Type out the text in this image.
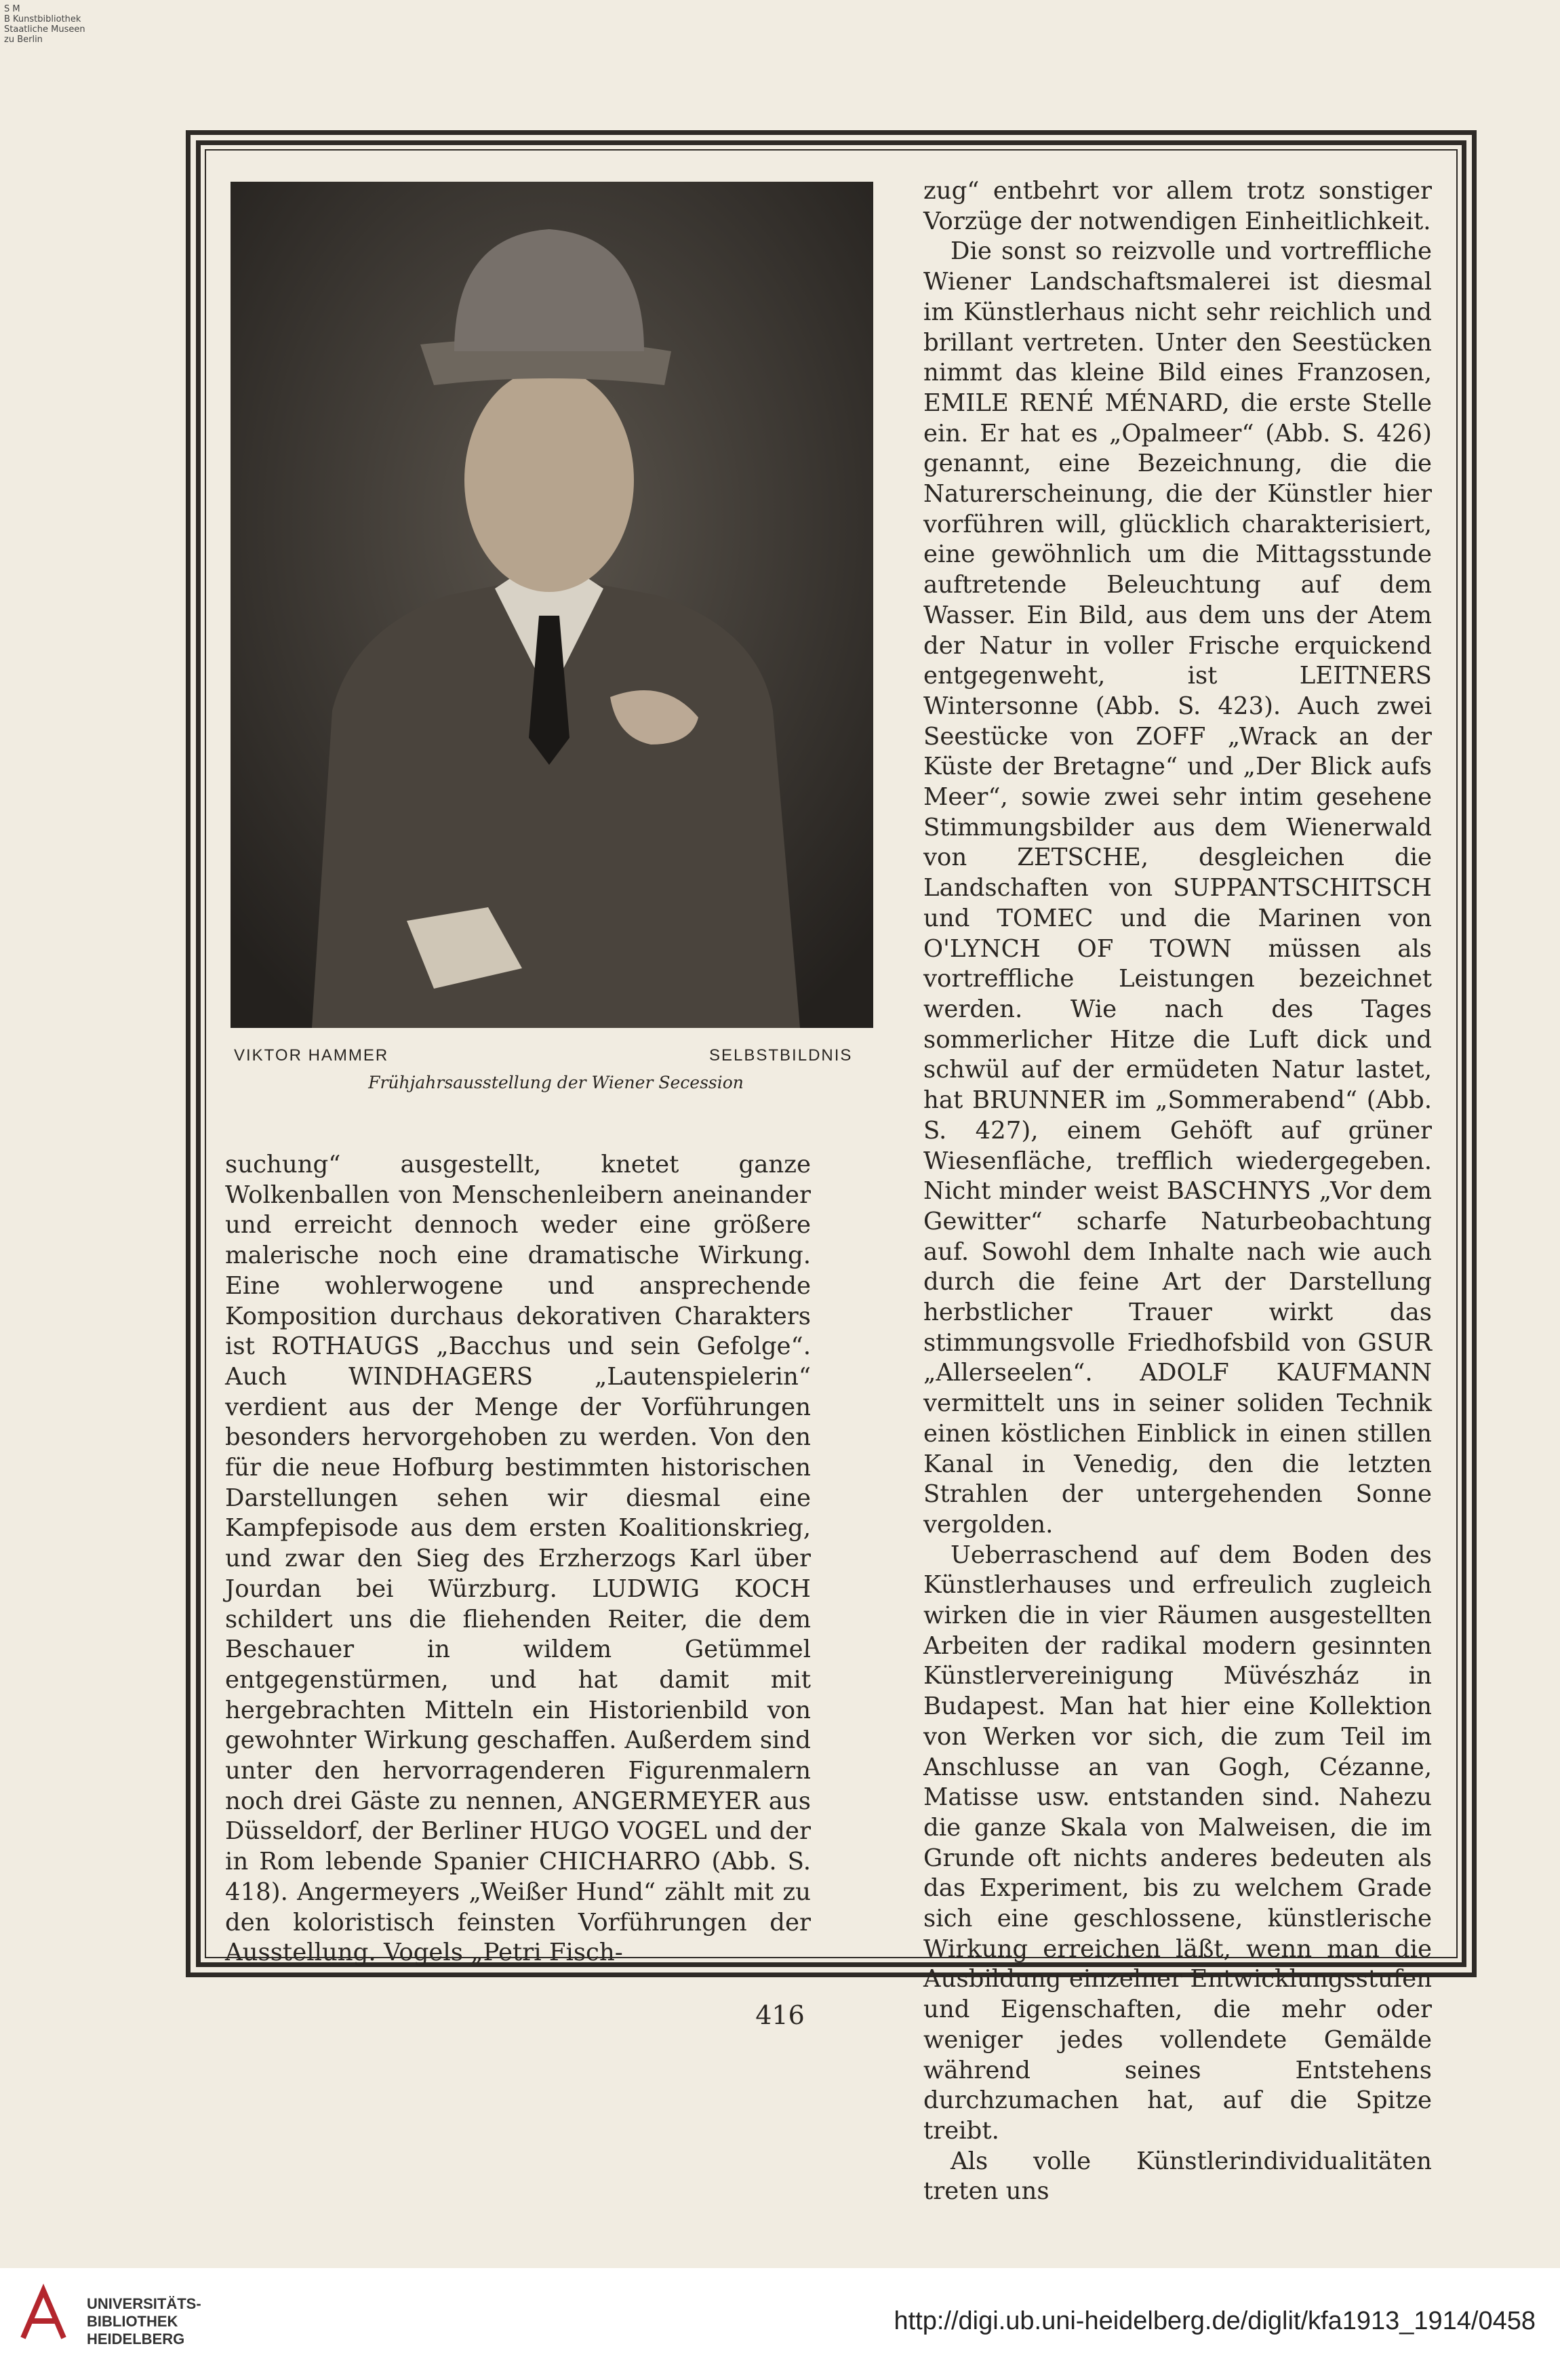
S M
B Kunstbibliothek
Staatliche Museen
zu Berlin
VIKTOR HAMMER	SELBSTBILDNIS
Frühjahrsausstellung der Wiener Secession

zug“ entbehrt vor allem trotz sonstiger Vorzüge der notwendigen Einheitlichkeit.

Die sonst so reizvolle und vortreffliche Wiener Landschaftsmalerei ist diesmal im Künstlerhaus nicht sehr reichlich und brillant vertreten. Unter den Seestücken nimmt das kleine Bild eines Franzosen, EMILE RENÉ MÉNARD, die erste Stelle ein. Er hat es „Opalmeer“ (Abb. S. 426) genannt, eine Bezeichnung, die die Naturerscheinung, die der Künstler hier vorführen will, glücklich charakterisiert, eine gewöhnlich um die Mittagsstunde auftretende Beleuchtung auf dem Wasser. Ein Bild, aus dem uns der Atem der Natur in voller Frische erquickend entgegenweht, ist LEITNERS Wintersonne (Abb. S. 423). Auch zwei Seestücke von ZOFF „Wrack an der Küste der Bretagne“ und „Der Blick aufs Meer“, sowie zwei sehr intim gesehene Stimmungsbilder aus dem Wienerwald von ZETSCHE, desgleichen die Landschaften von SUPPANTSCHITSCH und TOMEC und die Marinen von O'LYNCH OF TOWN müssen als vortreffliche Leistungen bezeichnet werden. Wie nach des Tages sommerlicher Hitze die Luft dick und schwül auf der ermüdeten Natur lastet, hat BRUNNER im „Sommerabend“ (Abb. S. 427), einem Gehöft auf grüner Wiesenfläche, trefflich wiedergegeben. Nicht minder weist BASCHNYS „Vor dem Gewitter“ scharfe Naturbeobachtung auf. Sowohl dem Inhalte nach wie auch durch die feine Art der Darstellung herbstlicher Trauer wirkt das stimmungsvolle Friedhofsbild von GSUR „Allerseelen“. ADOLF KAUFMANN vermittelt uns in seiner soliden Technik einen köstlichen Einblick in einen stillen Kanal in Venedig, den die letzten Strahlen der untergehenden Sonne vergolden.

Ueberraschend auf dem Boden des Künstlerhauses und erfreulich zugleich wirken die in vier Räumen ausgestellten Arbeiten der radikal modern gesinnten Künstlervereinigung Müvészház in Budapest. Man hat hier eine Kollektion von Werken vor sich, die zum Teil im Anschlusse an van Gogh, Cézanne, Matisse usw. entstanden sind. Nahezu die ganze Skala von Malweisen, die im Grunde oft nichts anderes bedeuten als das Experiment, bis zu welchem Grade sich eine geschlossene, künstlerische Wirkung erreichen läßt, wenn man die Ausbildung einzelner Entwicklungsstufen und Eigenschaften, die mehr oder weniger jedes vollendete Gemälde während seines Entstehens durchzumachen hat, auf die Spitze treibt.

Als volle Künstlerindividualitäten treten uns

suchung“ ausgestellt, knetet ganze Wolkenballen von Menschenleibern aneinander und erreicht dennoch weder eine größere malerische noch eine dramatische Wirkung. Eine wohlerwogene und ansprechende Komposition durchaus dekorativen Charakters ist ROTHAUGS „Bacchus und sein Gefolge“. Auch WINDHAGERS „Lautenspielerin“ verdient aus der Menge der Vorführungen besonders hervorgehoben zu werden. Von den für die neue Hofburg bestimmten historischen Darstellungen sehen wir diesmal eine Kampfepisode aus dem ersten Koalitionskrieg, und zwar den Sieg des Erzherzogs Karl über Jourdan bei Würzburg. LUDWIG KOCH schildert uns die fliehenden Reiter, die dem Beschauer in wildem Getümmel entgegenstürmen, und hat damit mit hergebrachten Mitteln ein Historienbild von gewohnter Wirkung geschaffen. Außerdem sind unter den hervorragenderen Figurenmalern noch drei Gäste zu nennen, ANGERMEYER aus Düsseldorf, der Berliner HUGO VOGEL und der in Rom lebende Spanier CHICHARRO (Abb. S. 418). Angermeyers „Weißer Hund“ zählt mit zu den koloristisch feinsten Vorführungen der Ausstellung. Vogels „Petri Fisch-

416
UNIVERSITÄTS-
BIBLIOTHEK
HEIDELBERG
http://digi.ub.uni-heidelberg.de/diglit/kfa1913_1914/0458
